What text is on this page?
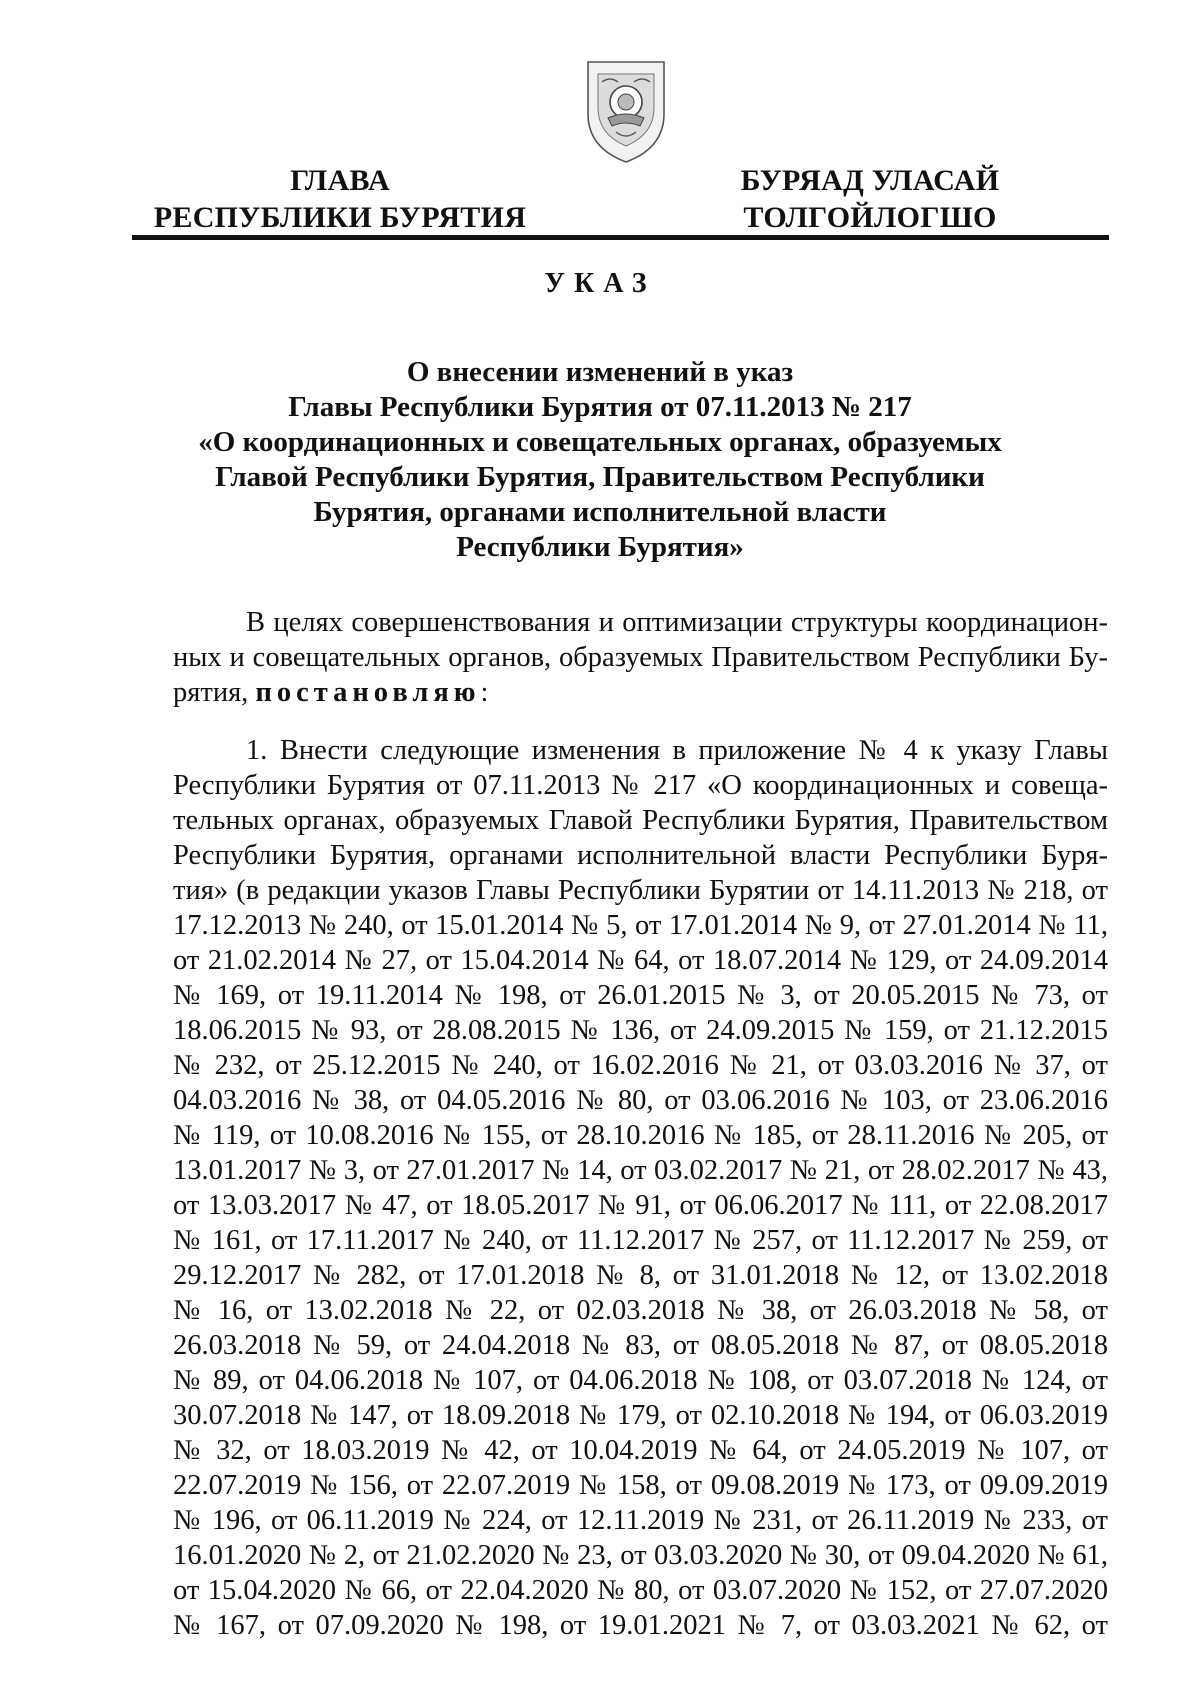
ГЛАВА
РЕСПУБЛИКИ БУРЯТИЯ
БУРЯАД УЛАСАЙ
ТОЛГОЙЛОГШО
УКАЗ
О внесении изменений в указ
Главы Республики Бурятия от 07.11.2013 № 217
«О координационных и совещательных органах, образуемых
Главой Республики Бурятия, Правительством Республики
Бурятия, органами исполнительной власти
Республики Бурятия»
В целях совершенствования и оптимизации структуры координацион-
ных и совещательных органов, образуемых Правительством Республики Бу-
рятия, постановляю:
1. Внести следующие изменения в приложение № 4 к указу Главы
Республики Бурятия от 07.11.2013 № 217 «О координационных и совеща-
тельных органах, образуемых Главой Республики Бурятия, Правительством
Республики Бурятия, органами исполнительной власти Республики Буря-
тия» (в редакции указов Главы Республики Бурятии от 14.11.2013 № 218, от
17.12.2013 № 240, от 15.01.2014 № 5, от 17.01.2014 № 9, от 27.01.2014 № 11,
от 21.02.2014 № 27, от 15.04.2014 № 64, от 18.07.2014 № 129, от 24.09.2014
№ 169, от 19.11.2014 № 198, от 26.01.2015 № 3, от 20.05.2015 № 73, от
18.06.2015 № 93, от 28.08.2015 № 136, от 24.09.2015 № 159, от 21.12.2015
№ 232, от 25.12.2015 № 240, от 16.02.2016 № 21, от 03.03.2016 № 37, от
04.03.2016 № 38, от 04.05.2016 № 80, от 03.06.2016 № 103, от 23.06.2016
№ 119, от 10.08.2016 № 155, от 28.10.2016 № 185, от 28.11.2016 № 205, от
13.01.2017 № 3, от 27.01.2017 № 14, от 03.02.2017 № 21, от 28.02.2017 № 43,
от 13.03.2017 № 47, от 18.05.2017 № 91, от 06.06.2017 № 111, от 22.08.2017
№ 161, от 17.11.2017 № 240, от 11.12.2017 № 257, от 11.12.2017 № 259, от
29.12.2017 № 282, от 17.01.2018 № 8, от 31.01.2018 № 12, от 13.02.2018
№ 16, от 13.02.2018 № 22, от 02.03.2018 № 38, от 26.03.2018 № 58, от
26.03.2018 № 59, от 24.04.2018 № 83, от 08.05.2018 № 87, от 08.05.2018
№ 89, от 04.06.2018 № 107, от 04.06.2018 № 108, от 03.07.2018 № 124, от
30.07.2018 № 147, от 18.09.2018 № 179, от 02.10.2018 № 194, от 06.03.2019
№ 32, от 18.03.2019 № 42, от 10.04.2019 № 64, от 24.05.2019 № 107, от
22.07.2019 № 156, от 22.07.2019 № 158, от 09.08.2019 № 173, от 09.09.2019
№ 196, от 06.11.2019 № 224, от 12.11.2019 № 231, от 26.11.2019 № 233, от
16.01.2020 № 2, от 21.02.2020 № 23, от 03.03.2020 № 30, от 09.04.2020 № 61,
от 15.04.2020 № 66, от 22.04.2020 № 80, от 03.07.2020 № 152, от 27.07.2020
№ 167, от 07.09.2020 № 198, от 19.01.2021 № 7, от 03.03.2021 № 62, от
